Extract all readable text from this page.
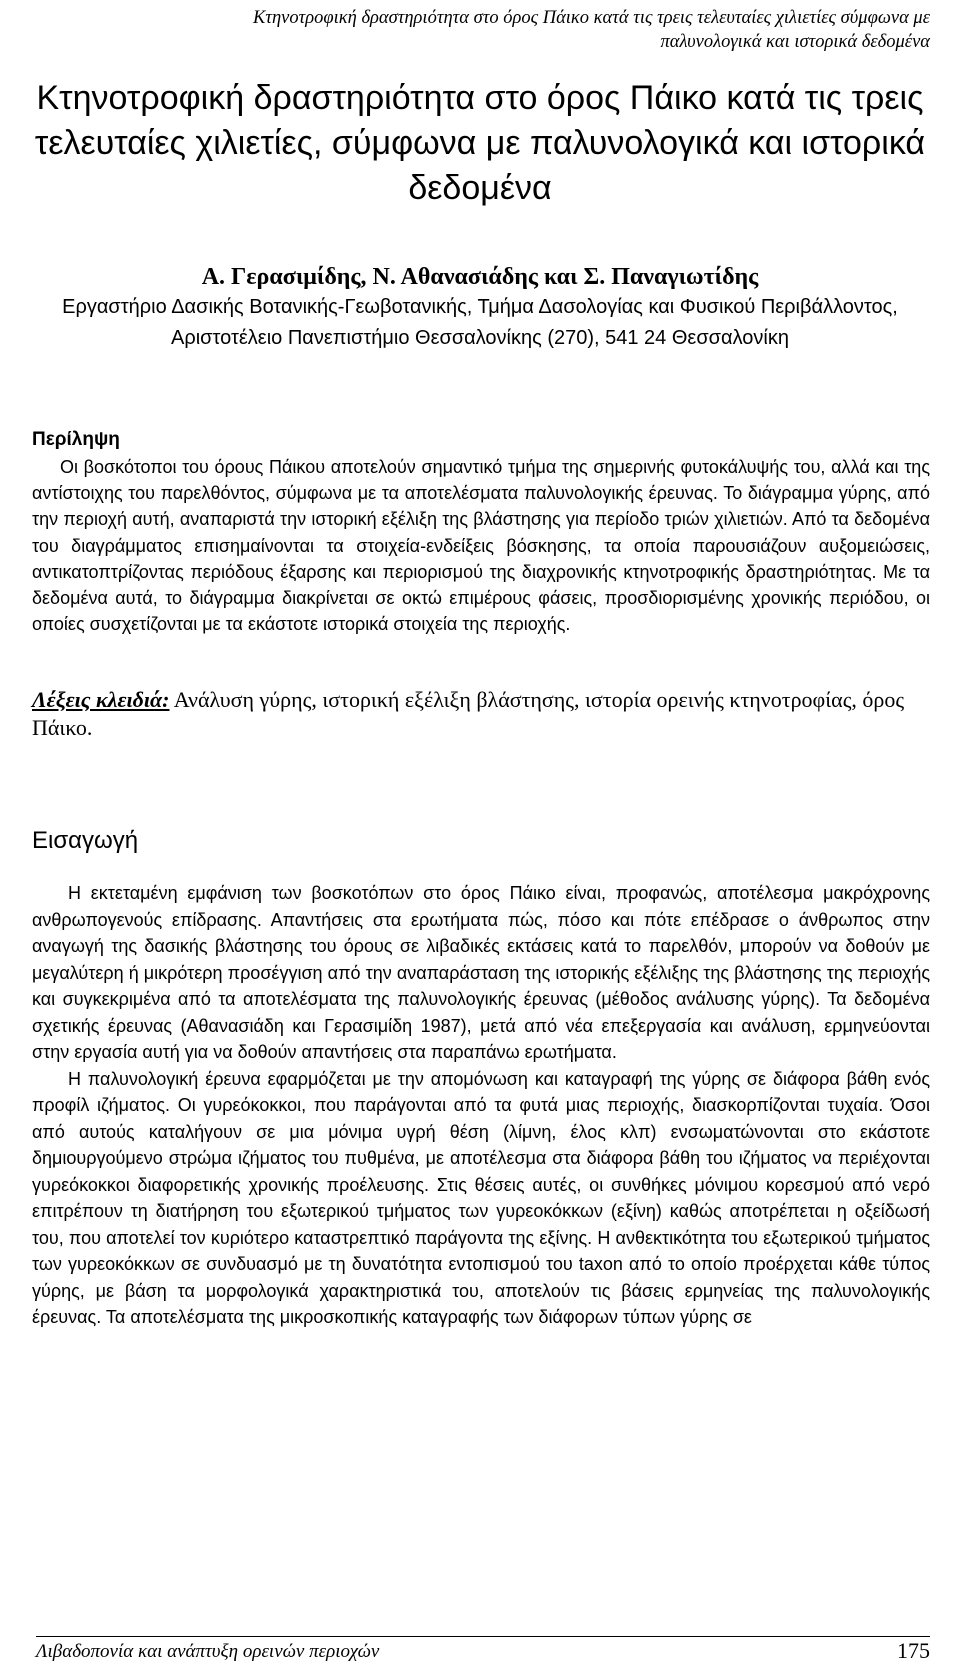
Κτηνοτροφική δραστηριότητα στο όρος Πάικο κατά τις τρεις τελευταίες χιλιετίες σύμφωνα με παλυνολογικά και ιστορικά δεδομένα
Κτηνοτροφική δραστηριότητα στο όρος Πάικο κατά τις τρεις τελευταίες χιλιετίες, σύμφωνα με παλυνολογικά και ιστορικά δεδομένα
Α. Γερασιμίδης, Ν. Αθανασιάδης και Σ. Παναγιωτίδης
Εργαστήριο Δασικής Βοτανικής-Γεωβοτανικής, Τμήμα Δασολογίας και Φυσικού Περιβάλλοντος, Αριστοτέλειο Πανεπιστήμιο Θεσσαλονίκης (270), 541 24 Θεσσαλονίκη
Περίληψη

Οι βοσκότοποι του όρους Πάικου αποτελούν σημαντικό τμήμα της σημερινής φυτοκάλυψής του, αλλά και της αντίστοιχης του παρελθόντος, σύμφωνα με τα αποτελέσματα παλυνολογικής έρευνας. Το διάγραμμα γύρης, από την περιοχή αυτή, αναπαριστά την ιστορική εξέλιξη της βλάστησης για περίοδο τριών χιλιετιών. Από τα δεδομένα του διαγράμματος επισημαίνονται τα στοιχεία-ενδείξεις βόσκησης, τα οποία παρουσιάζουν αυξομειώσεις, αντικατοπτρίζοντας περιόδους έξαρσης και περιορισμού της διαχρονικής κτηνοτροφικής δραστηριότητας. Με τα δεδομένα αυτά, το διάγραμμα διακρίνεται σε οκτώ επιμέρους φάσεις, προσδιορισμένης χρονικής περιόδου, οι οποίες συσχετίζονται με τα εκάστοτε ιστορικά στοιχεία της περιοχής.

Λέξεις κλειδιά: Ανάλυση γύρης, ιστορική εξέλιξη βλάστησης, ιστορία ορεινής κτηνοτροφίας, όρος Πάικο.

Εισαγωγή

Η εκτεταμένη εμφάνιση των βοσκοτόπων στο όρος Πάικο είναι, προφανώς, αποτέλεσμα μακρόχρονης ανθρωπογενούς επίδρασης. Απαντήσεις στα ερωτήματα πώς, πόσο και πότε επέδρασε ο άνθρωπος στην αναγωγή της δασικής βλάστησης του όρους σε λιβαδικές εκτάσεις κατά το παρελθόν, μπορούν να δοθούν με μεγαλύτερη ή μικρότερη προσέγγιση από την αναπαράσταση της ιστορικής εξέλιξης της βλάστησης της περιοχής και συγκεκριμένα από τα αποτελέσματα της παλυνολογικής έρευνας (μέθοδος ανάλυσης γύρης). Τα δεδομένα σχετικής έρευνας (Αθανασιάδη και Γερασιμίδη 1987), μετά από νέα επεξεργασία και ανάλυση, ερμηνεύονται στην εργασία αυτή για να δοθούν απαντήσεις στα παραπάνω ερωτήματα.

Η παλυνολογική έρευνα εφαρμόζεται με την απομόνωση και καταγραφή της γύρης σε διάφορα βάθη ενός προφίλ ιζήματος. Οι γυρεόκοκκοι, που παράγονται από τα φυτά μιας περιοχής, διασκορπίζονται τυχαία. Όσοι από αυτούς καταλήγουν σε μια μόνιμα υγρή θέση (λίμνη, έλος κλπ) ενσωματώνονται στο εκάστοτε δημιουργούμενο στρώμα ιζήματος του πυθμένα, με αποτέλεσμα στα διάφορα βάθη του ιζήματος να περιέχονται γυρεόκοκκοι διαφορετικής χρονικής προέλευσης. Στις θέσεις αυτές, οι συνθήκες μόνιμου κορεσμού από νερό επιτρέπουν τη διατήρηση του εξωτερικού τμήματος των γυρεοκόκκων (εξίνη) καθώς αποτρέπεται η οξείδωσή του, που αποτελεί τον κυριότερο καταστρεπτικό παράγοντα της εξίνης. Η ανθεκτικότητα του εξωτερικού τμήματος των γυρεοκόκκων σε συνδυασμό με τη δυνατότητα εντοπισμού του taxon από το οποίο προέρχεται κάθε τύπος γύρης, με βάση τα μορφολογικά χαρακτηριστικά του, αποτελούν τις βάσεις ερμηνείας της παλυνολογικής έρευνας. Τα αποτελέσματα της μικροσκοπικής καταγραφής των διάφορων τύπων γύρης σε

Λιβαδοπονία και ανάπτυξη ορεινών περιοχών	175
